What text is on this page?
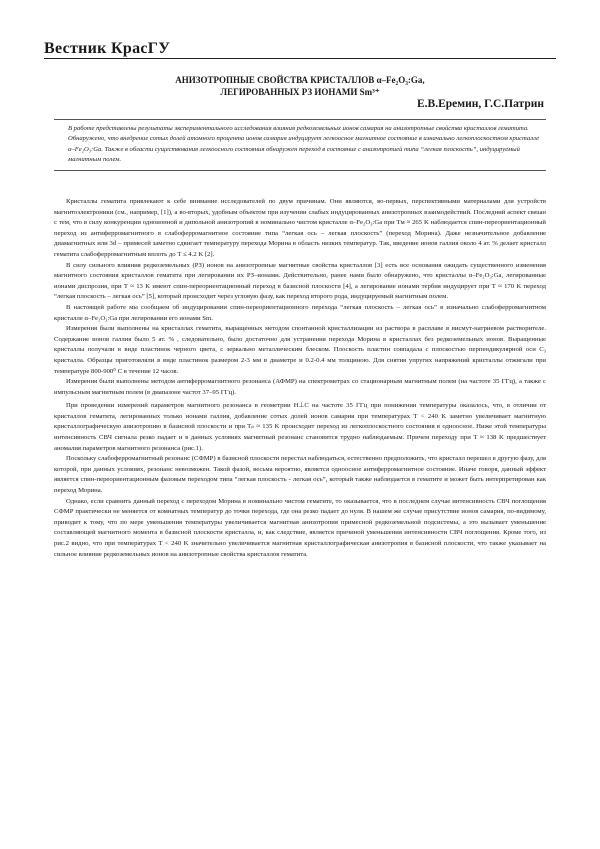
Вестник КрасГУ
АНИЗОТРОПНЫЕ СВОЙСТВА КРИСТАЛЛОВ α–Fe₂O₃:Ga,
ЛЕГИРОВАННЫХ РЗ ИОНАМИ Sm³⁺
Е.В.Еремин, Г.С.Патрин

В работе представлены результаты экспериментального исследования влияния редкоземельных ионов самария на анизотропные свойства кристаллов гематита. Обнаружено, что внедрение сотых долей атомного процента ионов самария индуцирует легкоосное магнитное состояние в изначально легкоплоскостном кристалле α–Fe₂O₃:Ga. Также в области существования легкоосного состояния обнаружен переход в состояние с анизотропией типа “легкая плоскость”, индуцируемый магнитным полем.

Кристаллы гематита привлекают к себе внимание исследователей по двум причинам. Они являются, во-первых, перспективными материалами для устройств магнитоэлектроники (см., например, [1]), а во-вторых, удобным объектом при изучении слабых индуцированных анизотропных взаимодействий. Последний аспект связан с тем, что в силу конкуренции одноионной и дипольной анизотропий в номинально чистом кристалле α–Fe₂O₃:Ga при Tм ≈ 265 K наблюдается спин-переориентационный переход из антиферромагнитного в слабоферромагнитное состояние типа “легкая ось – легкая плоскость” (переход Морина). Даже незначительное добавление диамагнитных или 3d – примесей заметно сдвигает температуру перехода Морина в область низких температур. Так, введение ионов галлия около 4 ат. % делает кристалл гематита слабоферромагнитным вплоть до T ≤ 4.2 K [2].

В силу сильного влияния редкоземельных (РЗ) ионов на анизотропные магнитные свойства кристаллов [3] есть все основания ожидать существенного изменения магнитного состояния кристаллов гематита при легировании их РЗ–ионами. Действительно, ранее нами было обнаружено, что кристаллы α–Fe₂O₃:Ga, легированные ионами диспрозия, при T ≈ 13 K имеют спин-переориентационный переход в базисной плоскости [4], а легирование ионами тербия индуцирует при T ≈ 170 K переход “легкая плоскость – легкая ось” [5], который происходит через угловую фазу, как переход второго рода, индуцируемый магнитным полем.

В настоящей работе мы сообщаем об индуцировании спин-переориентационного перехода “легкая плоскость – легкая ось” в изначально слабоферромагнитном кристалле α–Fe₂O₃:Ga при легировании его ионами Sm.

Измерения были выполнены на кристаллах гематита, выращенных методом спонтанной кристаллизации из раствора в расплаве в висмут-натриевом растворителе. Содержание ионов галлия было 5 ат. % , следовательно, было достаточно для устранения перехода Морина в кристаллах без редкоземельных ионов. Выращенные кристаллы получали в виде пластинок черного цвета, с зеркально металлическим блеском. Плоскость пластин совпадала с плоскостью перпендикулярной оси C₃ кристалла. Образцы приготовляли в виде пластинок размером 2-3 мм в диаметре и 0.2-0.4 мм толщиною. Для снятия упругих напряжений кристаллы отжигали при температуре 800-900⁰ С в течение 12 часов.

Измерения были выполнены методом антиферромагнитного резонанса (АФМР) на спектрометрах со стационарным магнитным полем (на частоте 35 ГГц), а также с импульсным магнитным полем (в диапазоне частот 37–95 ГГц).

При проведении измерений параметров магнитного резонанса в геометрии H⊥C на частоте 35 ГГц при понижении температуры оказалось, что, в отличии от кристаллов гематита, легированных только ионами галлия, добавление сотых долей ионов самария при температурах T < 240 K заметно увеличивает магнитную кристаллографическую анизотропию в базисной плоскости и при Tₚ ≈ 135 K происходит переход из легкоплоскостного состояния в одноосное. Ниже этой температуры интенсивность СВЧ сигнала резко падает и в данных условиях магнитный резонанс становится трудно наблюдаемым. Причем переходу при T ≈ 138 K предшествует аномалия параметров магнитного резонанса (рис.1).

Поскольку слабоферромагнитный резонанс (СФМР) в базисной плоскости перестал наблюдаться, естественно предположить, что кристалл перешел в другую фазу, для которой, при данных условиях, резонанс невозможен. Такой фазой, весьма вероятно, является одноосное антиферромагнитное состояние. Иначе говоря, данный эффект является спин-переориентационным фазовым переходом типа “легкая плоскость - легкая ось”, который также наблюдается в гематите и может быть интерпретирован как переход Морина.

Однако, если сравнить данный переход с переходом Морина в номинально чистом гематите, то оказывается, что в последнем случае интенсивность СВЧ поглощения СФМР практически не меняется от комнатных температур до точки перехода, где она резко падает до нуля. В нашем же случае присутствие ионов самария, по-видимому, приводит к тому, что по мере уменьшения температуры увеличивается магнитная анизотропия примесной редкоземельной подсистемы, а это вызывает уменьшение составляющей магнитного момента в базисной плоскости кристалла, и, как следствие, является причиной уменьшения интенсивности СВЧ поглощения. Кроме того, из рис.2 видно, что при температурах T < 240 K значительно увеличивается магнитная кристаллографическая анизотропия в базисной плоскости, что также указывает на сильное влияние редкоземельных ионов на анизотропные свойства кристаллов гематита.
